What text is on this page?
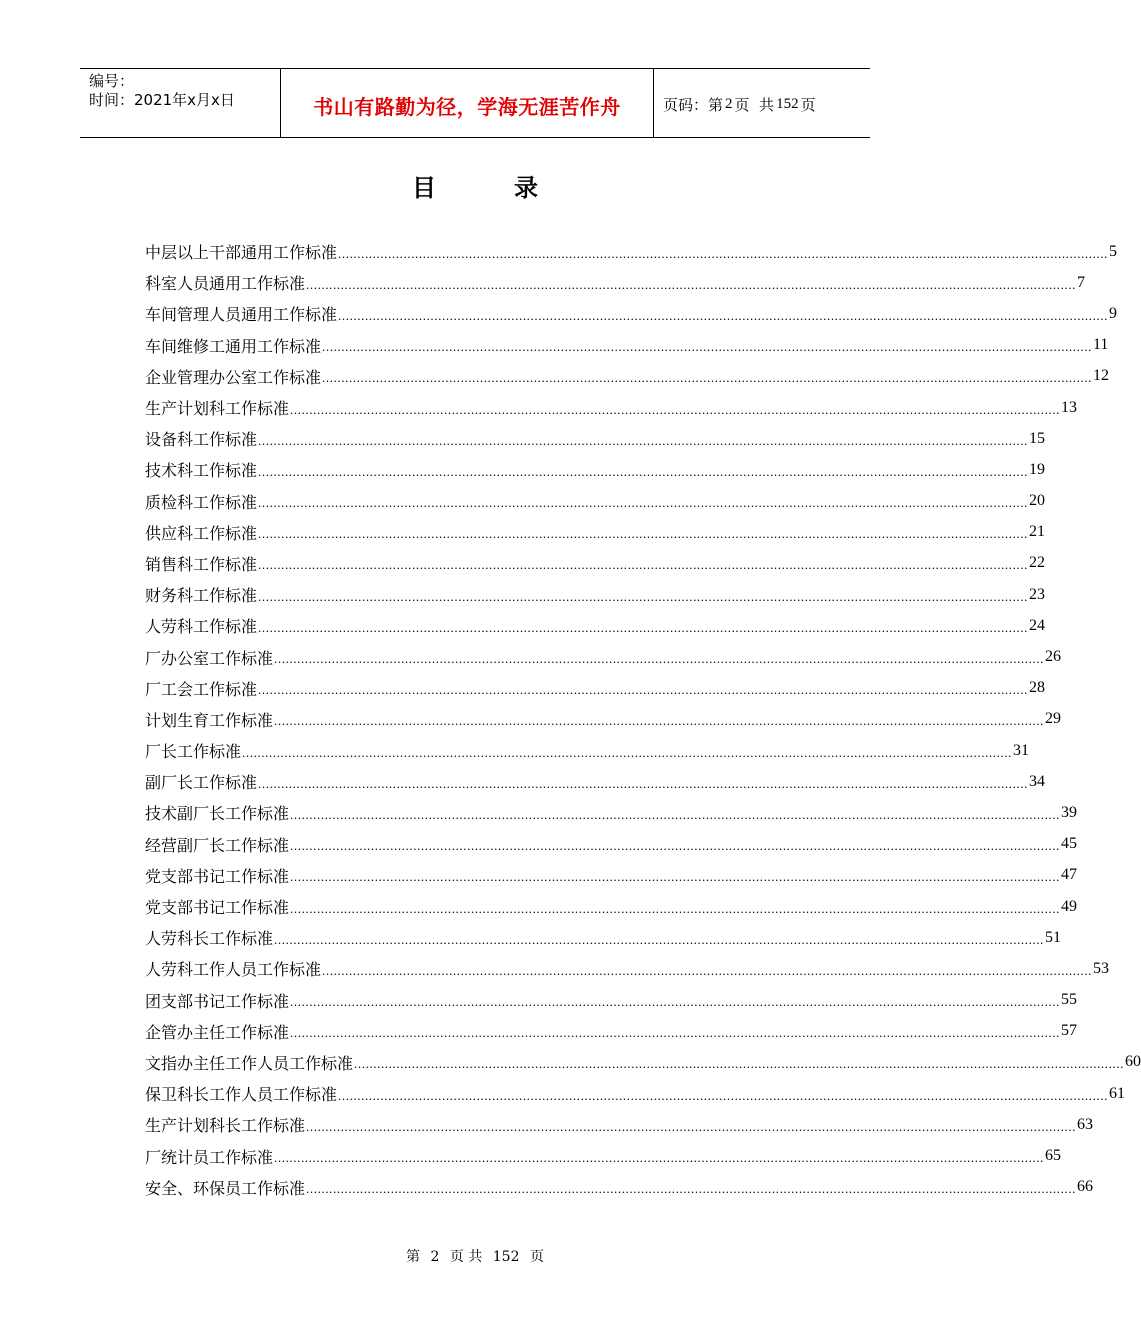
编号：
时间：2021年x月x日	书山有路勤为径，学海无涯苦作舟	页码：第 2 页  共 152 页
目	录
中层以上干部通用工作标准 ........................................................................................................................................................................................................ 5
科室人员通用工作标准 ........................................................................................................................................................................................................ 7
车间管理人员通用工作标准 ........................................................................................................................................................................................................ 9
车间维修工通用工作标准 ........................................................................................................................................................................................................ 11
企业管理办公室工作标准 ........................................................................................................................................................................................................ 12
生产计划科工作标准 ........................................................................................................................................................................................................ 13
设备科工作标准 ........................................................................................................................................................................................................ 15
技术科工作标准 ........................................................................................................................................................................................................ 19
质检科工作标准 ........................................................................................................................................................................................................ 20
供应科工作标准 ........................................................................................................................................................................................................ 21
销售科工作标准 ........................................................................................................................................................................................................ 22
财务科工作标准 ........................................................................................................................................................................................................ 23
人劳科工作标准 ........................................................................................................................................................................................................ 24
厂办公室工作标准 ........................................................................................................................................................................................................ 26
厂工会工作标准 ........................................................................................................................................................................................................ 28
计划生育工作标准 ........................................................................................................................................................................................................ 29
厂长工作标准 ........................................................................................................................................................................................................ 31
副厂长工作标准 ........................................................................................................................................................................................................ 34
技术副厂长工作标准 ........................................................................................................................................................................................................ 39
经营副厂长工作标准 ........................................................................................................................................................................................................ 45
党支部书记工作标准 ........................................................................................................................................................................................................ 47
党支部书记工作标准 ........................................................................................................................................................................................................ 49
人劳科长工作标准 ........................................................................................................................................................................................................ 51
人劳科工作人员工作标准 ........................................................................................................................................................................................................ 53
团支部书记工作标准 ........................................................................................................................................................................................................ 55
企管办主任工作标准 ........................................................................................................................................................................................................ 57
文指办主任工作人员工作标准 ........................................................................................................................................................................................................ 60
保卫科长工作人员工作标准 ........................................................................................................................................................................................................ 61
生产计划科长工作标准 ........................................................................................................................................................................................................ 63
厂统计员工作标准 ........................................................................................................................................................................................................ 65
安全、环保员工作标准 ........................................................................................................................................................................................................ 66
第 2 页 共 152 页
